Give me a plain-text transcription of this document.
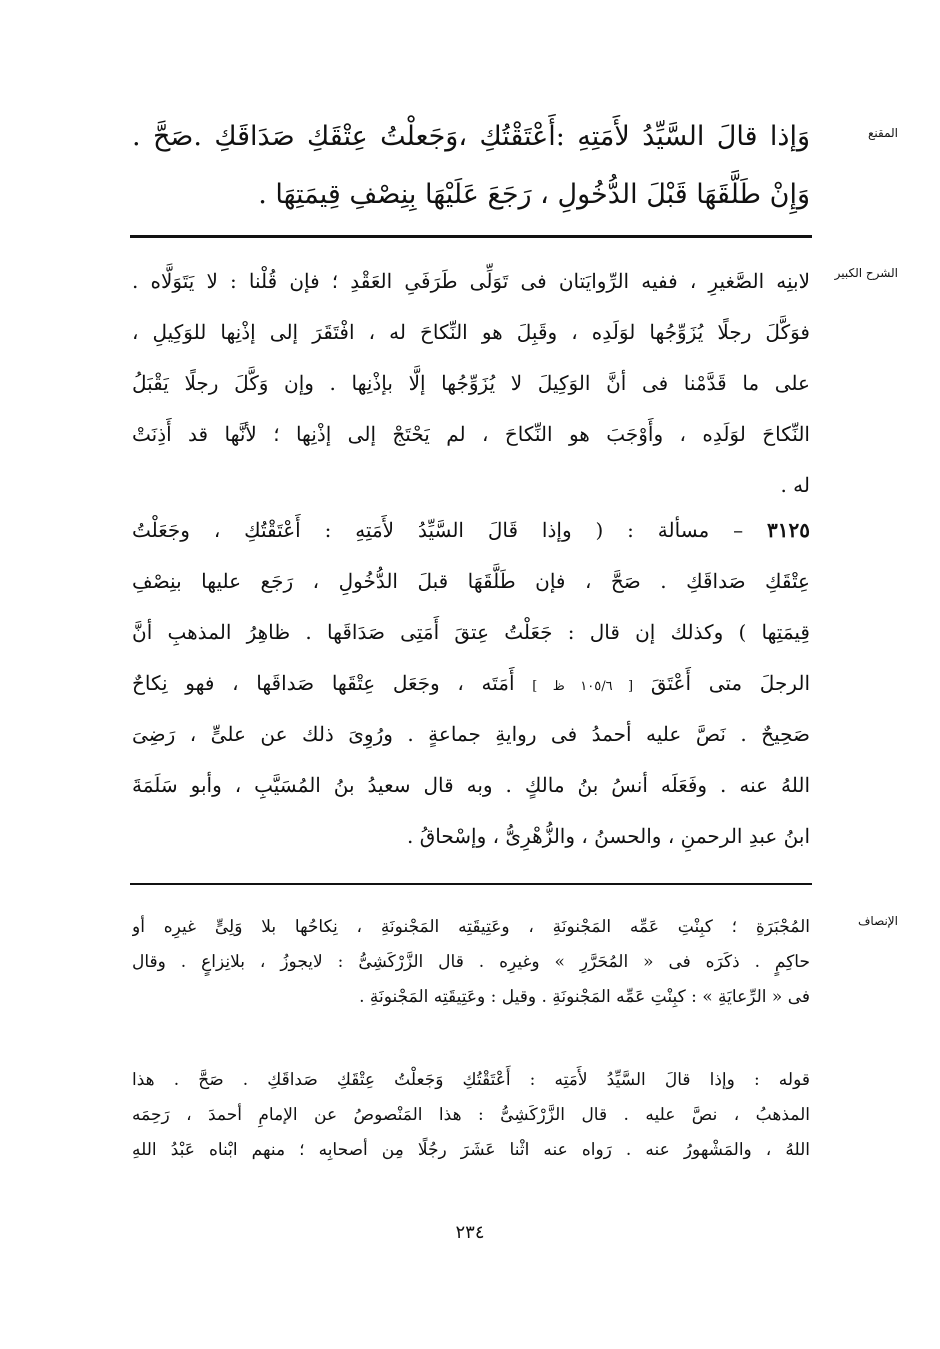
المقنع
وَإذا قالَ السَّيِّدُ لأَمَتِهِ :أَعْتَقْتُكِ ،وَجَعلْتُ عِتْقَكِ صَدَاقَكِ .صَحَّ .
وَإِنْ طَلَّقَهَا قَبْلَ الدُّخُولِ ، رَجَعَ عَلَيْهَا بِنِصْفِ قِيمَتِهَا .
الشرح الكبير
لابنِه الصَّغيرِ ، ففيه الرِّوايَتان فى تَوَلِّى طَرَفَىِ العَقْدِ ؛ فإن قُلْنا : لا يَتَوَلَّاه .
فوَكَّلَ رجلًا يُزَوِّجُها لوَلَدِه ، وقَبِلَ هو النِّكاحَ له ، افْتَقَرَ إلى إذْنِها للوَكِيلِ ،
على ما قَدَّمْنا فى أنَّ الوَكِيلَ لا يُزَوِّجُها إلَّا بإذْنِها . وإن وَكَّلَ رجلًا يَقْبَلُ
النِّكاحَ لوَلَدِه ، وأَوْجَبَ هو النِّكاحَ ، لم يَحْتَجْ إلى إذْنِها ؛ لأنَّها قد أَذِنَتْ
له .
٣١٢٥ – مسألة : ( وإذا قَالَ السَّيِّدُ لأَمَتِهِ : أَعْتَقْتُكِ ، وجَعَلْتُ
عِتْقَكِ صَداقَكِ . صَحَّ ، فإن طَلَّقَهَا قبلَ الدُّخُولِ ، رَجَع عليها بنِصْفِ
قِيمَتِها ) وكذلك إن قال : جَعَلْتُ عِتقَ أَمَتِى صَدَاقَها . ظاهِرُ المذهبِ أنَّ
الرجلَ متى أَعْتَقَ [ ١٠٥/٦ ظ ] أَمَتَه ، وجَعَل عِتْقَها صَداقَها ، فهو نِكاحٌ
صَحِيحٌ . نَصَّ عليه أحمدُ فى روايةِ جماعةٍ . ورُوِىَ ذلك عن علىٍّ ، رَضِىَ
اللهُ عنه . وفَعَلَه أنسُ بنُ مالكٍ . وبه قال سعيدُ بنُ المُسَيَّبِ ، وأبو سَلَمَةَ
ابنُ عبدِ الرحمنِ ، والحسنُ ، والزُّهْرِىُّ ، وإسْحاقُ .
الإنصاف
المُجْبَرَةِ ؛ كبِنْتِ عَمِّه المَجْنونَةِ ، وعَتِيقَتِه المَجْنونَةِ ، نِكاحُها بلا وَلِىٍّ غيرِه أو
حاكِمٍ . ذكَرَه فى « المُحَرَّرِ » وغيرِه . قال الزَّرْكَشِىُّ : لايجوزُ ، بلانِزاعٍ . وقال
فى « الرِّعايَةِ » : كبِنْتِ عَمِّه المَجْنونَةِ . وقيل : وعَتِيقَتِه المَجْنونَةِ .
قوله : وإذا قالَ السَّيِّدُ لأَمَتِه : أَعْتَقْتُكِ وَجَعلْتُ عِتْقَكِ صَداقَكِ . صَحَّ . هذا
المذهبُ ، نصَّ عليه . قال الزَّرْكَشِىُّ : هذا المَنْصوصُ عن الإمامِ أحمدَ ، رَحِمَه
اللهُ ، والمَشْهورُ عنه . رَواه عنه اثْنا عَشَرَ رجُلًا مِن أصحابِه ؛ منهم ابْناه عَبْدُ اللهِ
٢٣٤
